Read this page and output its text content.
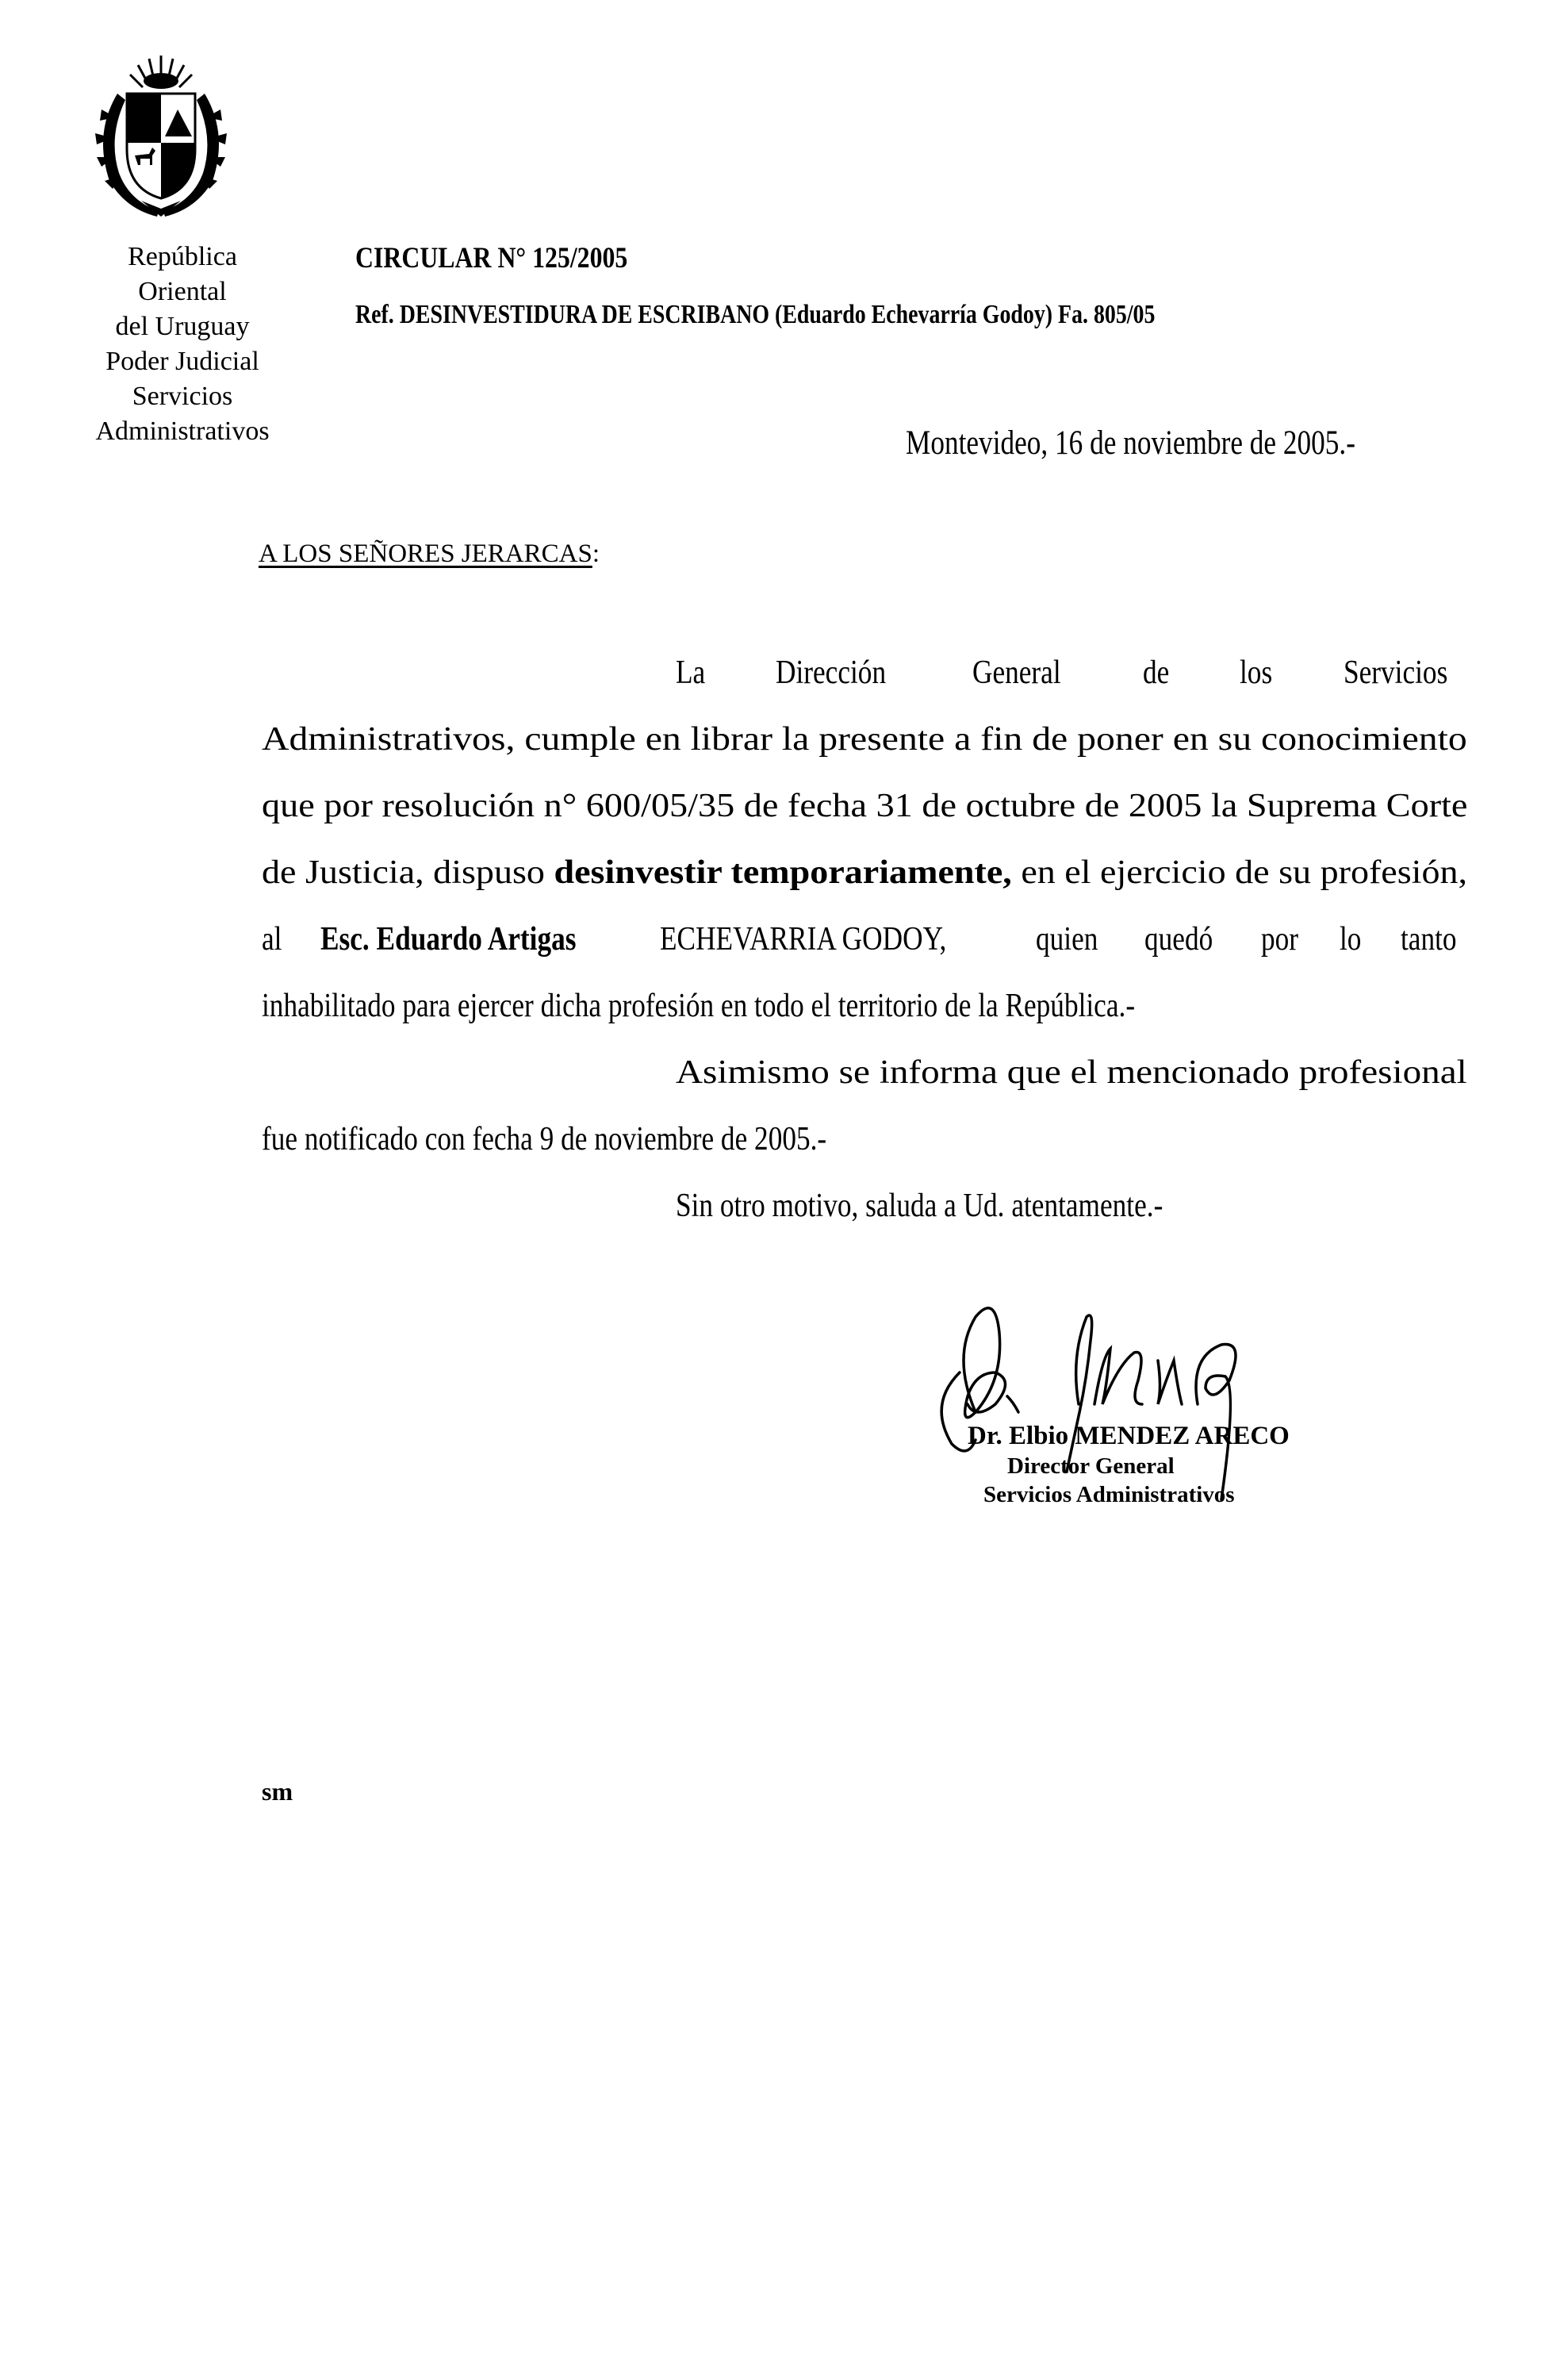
República
Oriental
del Uruguay
Poder Judicial
Servicios
Administrativos
CIRCULAR N° 125/2005
Ref. DESINVESTIDURA DE ESCRIBANO (Eduardo Echevarría Godoy) Fa. 805/05
Montevideo, 16 de noviembre de 2005.-
A LOS SEÑORES JERARCAS:
La Dirección	General de los Servicios
Administrativos, cumple en librar la presente a fin de poner en su conocimiento
que por resolución n° 600/05/35 de fecha 31 de octubre de 2005 la Suprema Corte
de Justicia, dispuso desinvestir temporariamente, en el ejercicio de su profesión,
al Esc. Eduardo Artigas	ECHEVARRIA GODOY,	quien quedó por lo tanto
inhabilitado para ejercer dicha profesión en todo el territorio de la República.-
Asimismo se informa que el mencionado profesional
fue notificado con fecha 9 de noviembre de 2005.-
Sin otro motivo, saluda a Ud. atentamente.-
Dr. Elbio MENDEZ ARECO
Director General
Servicios Administrativos
sm
